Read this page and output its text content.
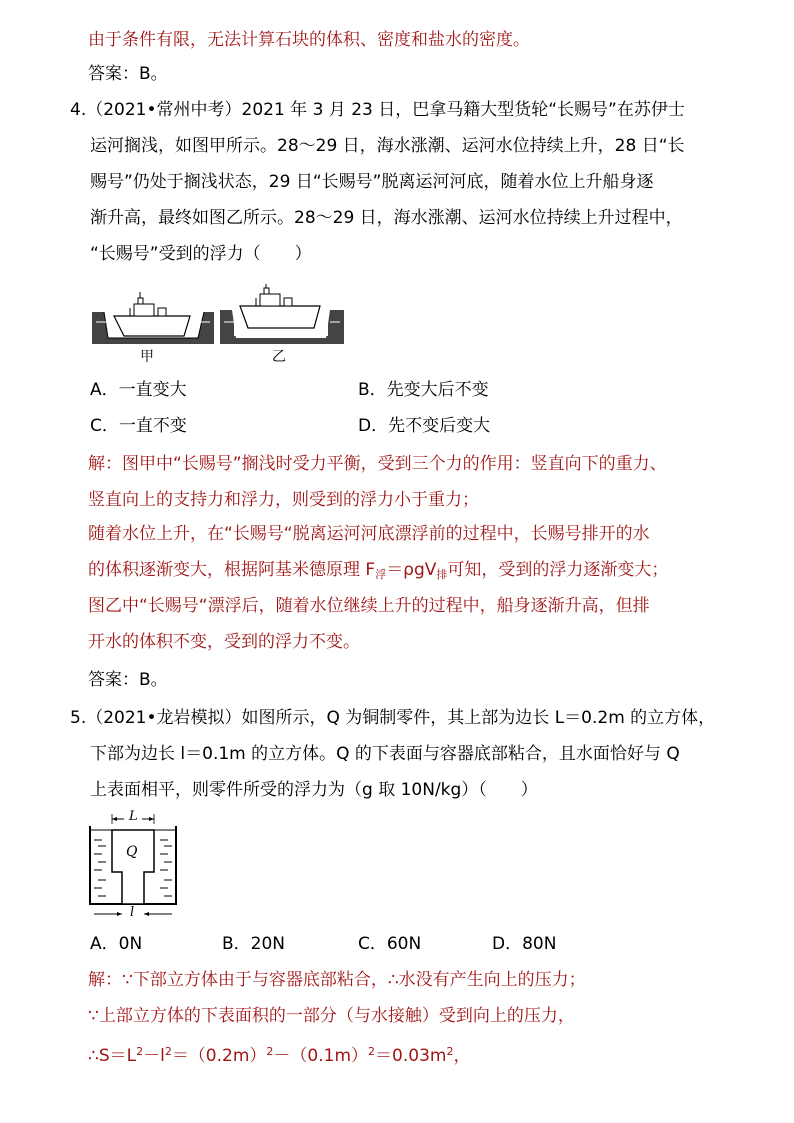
由于条件有限，无法计算石块的体积、密度和盐水的密度。
答案：B。
4.（2021•常州中考）2021 年 3 月 23 日，巴拿马籍大型货轮“长赐号”在苏伊士
运河搁浅，如图甲所示。28～29 日，海水涨潮、运河水位持续上升，28 日“长
赐号”仍处于搁浅状态，29 日“长赐号”脱离运河河底，随着水位上升船身逐
渐升高，最终如图乙所示。28～29 日，海水涨潮、运河水位持续上升过程中，
“长赐号”受到的浮力（　　）
甲	乙
A．一直变大	B．先变大后不变
C．一直不变	D．先不变后变大
解：图甲中“长赐号”搁浅时受力平衡，受到三个力的作用：竖直向下的重力、
竖直向上的支持力和浮力，则受到的浮力小于重力；
随着水位上升，在“长赐号“脱离运河河底漂浮前的过程中，长赐号排开的水
的体积逐渐变大，根据阿基米德原理 $F_浮=\rho gV_排$可知，受到的浮力逐渐变大；
图乙中“长赐号“漂浮后，随着水位继续上升的过程中，船身逐渐升高，但排
开水的体积不变，受到的浮力不变。
答案：B。
5.（2021•龙岩模拟）如图所示，Q 为铜制零件，其上部为边长 L＝0.2m 的立方体，
下部为边长 l＝0.1m 的立方体。Q 的下表面与容器底部粘合，且水面恰好与 Q
上表面相平，则零件所受的浮力为（g 取 10N/kg）（　　）
L
Q
l
A．0N	B．20N	C．60N	D．80N
解：∵下部立方体由于与容器底部粘合，∴水没有产生向上的压力；
∵上部立方体的下表面积的一部分（与水接触）受到向上的压力，
$\therefore S=L^2-l^2=(0.2m)^2-(0.1m)^2=0.03m^2$，
